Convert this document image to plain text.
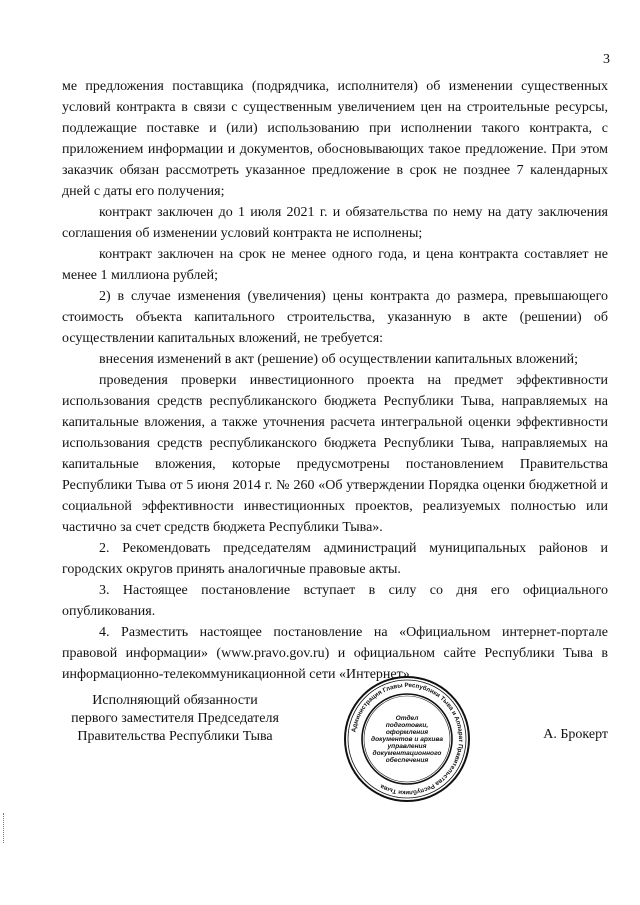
3

ме предложения поставщика (подрядчика, исполнителя) об изменении существенных условий контракта в связи с существенным увеличением цен на строительные ресурсы, подлежащие поставке и (или) использованию при исполнении такого контракта, с приложением информации и документов, обосновывающих такое предложение. При этом заказчик обязан рассмотреть указанное предложение в срок не позднее 7 календарных дней с даты его получения;

контракт заключен до 1 июля 2021 г. и обязательства по нему на дату заключения соглашения об изменении условий контракта не исполнены;

контракт заключен на срок не менее одного года, и цена контракта составляет не менее 1 миллиона рублей;

2) в случае изменения (увеличения) цены контракта до размера, превышающего стоимость объекта капитального строительства, указанную в акте (решении) об осуществлении капитальных вложений, не требуется:

внесения изменений в акт (решение) об осуществлении капитальных вложений;

проведения проверки инвестиционного проекта на предмет эффективности использования средств республиканского бюджета Республики Тыва, направляемых на капитальные вложения, а также уточнения расчета интегральной оценки эффективности использования средств республиканского бюджета Республики Тыва, направляемых на капитальные вложения, которые предусмотрены постановлением Правительства Республики Тыва от 5 июня 2014 г. № 260 «Об утверждении Порядка оценки бюджетной и социальной эффективности инвестиционных проектов, реализуемых полностью или частично за счет средств бюджета Республики Тыва».

2. Рекомендовать председателям администраций муниципальных районов и городских округов принять аналогичные правовые акты.

3. Настоящее постановление вступает в силу со дня его официального опубликования.

4. Разместить настоящее постановление на «Официальном интернет-портале правовой информации» (www.pravo.gov.ru) и официальном сайте Республики Тыва в информационно-телекоммуникационной сети «Интернет».

Исполняющий обязанности
первого заместителя Председателя
Правительства Республики Тыва	Администрация Главы Республики Тыва и Аппарат Правительства Республики Тыва
Отдел
подготовки,
оформления
документов и архива
управления
документационного
обеспечения
А. Брокерт
